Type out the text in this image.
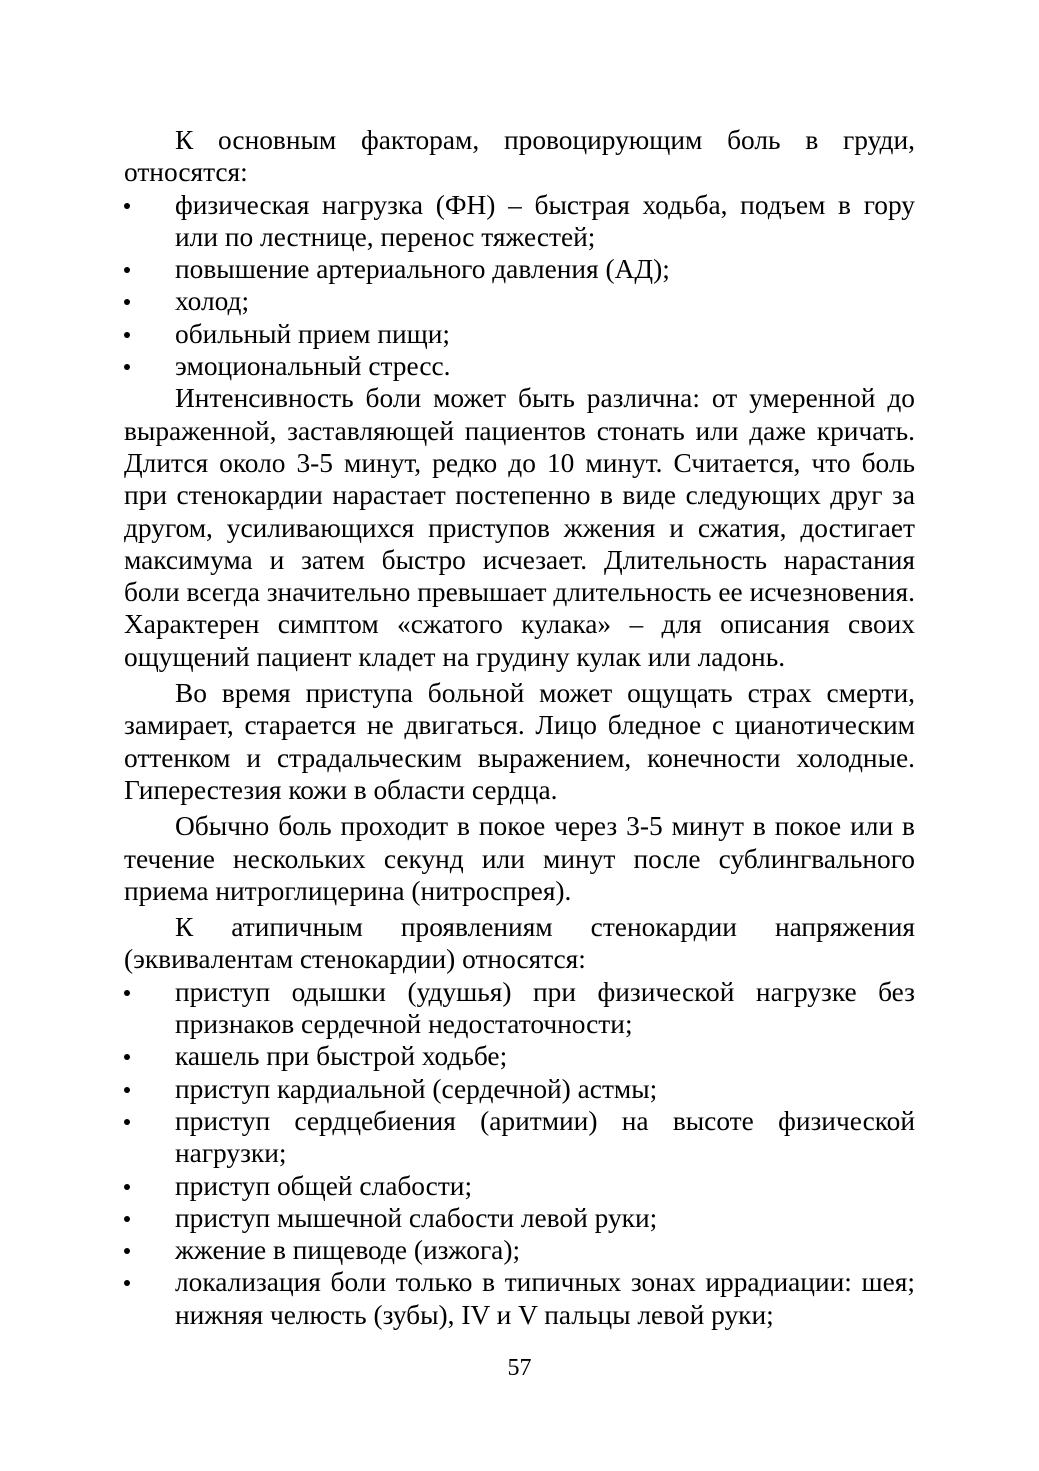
К основным факторам, провоцирующим боль в груди, относятся:

физическая нагрузка (ФН) – быстрая ходьба, подъем в гору или по лестнице, перенос тяжестей;
повышение артериального давления (АД);
холод;
обильный прием пищи;
эмоциональный стресс.

Интенсивность боли может быть различна: от умеренной до выраженной, заставляющей пациентов стонать или даже кричать. Длится около 3-5 минут, редко до 10 минут. Считается, что боль при стенокардии нарастает постепенно в виде следующих друг за другом, усиливающихся приступов жжения и сжатия, достигает максимума и затем быстро исчезает. Длительность нарастания боли всегда значительно превышает длительность ее исчезновения. Характерен симптом «сжатого кулака» – для описания своих ощущений пациент кладет на грудину кулак или ладонь.

Во время приступа больной может ощущать страх смерти, замирает, старается не двигаться. Лицо бледное с цианотическим оттенком и страдальческим выражением, конечности холодные. Гиперестезия кожи в области сердца.

Обычно боль проходит в покое через 3-5 минут в покое или в течение нескольких секунд или минут после сублингвального приема нитроглицерина (нитроспрея).

К атипичным проявлениям стенокардии напряжения (эквивалентам стенокардии) относятся:

приступ одышки (удушья) при физической нагрузке без признаков сердечной недостаточности;
кашель при быстрой ходьбе;
приступ кардиальной (сердечной) астмы;
приступ сердцебиения (аритмии) на высоте физической нагрузки;
приступ общей слабости;
приступ мышечной слабости левой руки;
жжение в пищеводе (изжога);
локализация боли только в типичных зонах иррадиации: шея; нижняя челюсть (зубы), IV и V пальцы левой руки;
57
